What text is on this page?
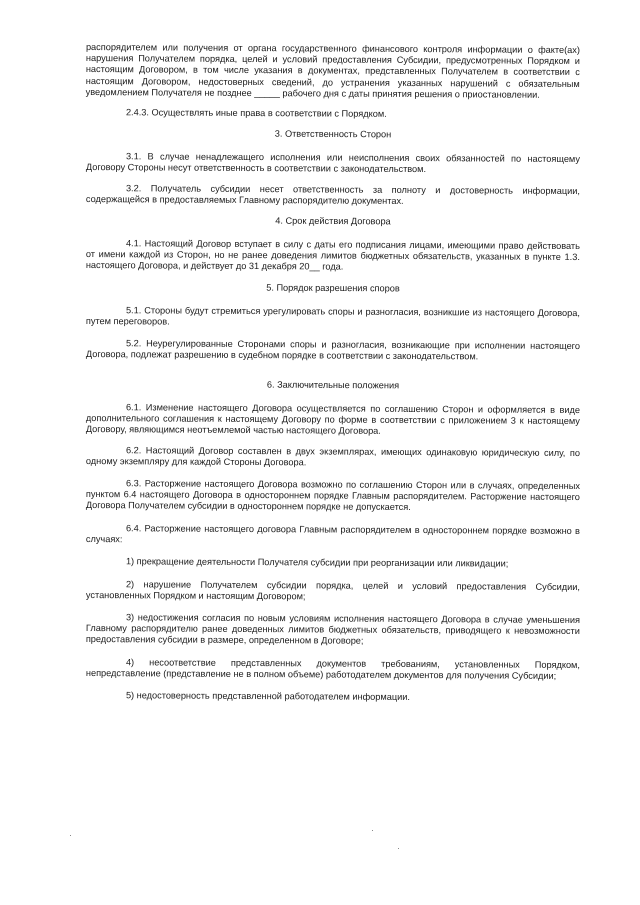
распорядителем или получения от органа государственного финансового контроля информации о факте(ах) нарушения Получателем порядка, целей и условий предоставления Субсидии, предусмотренных Порядком и настоящим Договором, в том числе указания в документах, представленных Получателем в соответствии с настоящим Договором, недостоверных сведений, до устранения указанных нарушений с обязательным уведомлением Получателя не позднее _____ рабочего дня с даты принятия решения о приостановлении.

2.4.3. Осуществлять иные права в соответствии с Порядком.

3. Ответственность Сторон

3.1. В случае ненадлежащего исполнения или неисполнения своих обязанностей по настоящему Договору Стороны несут ответственность в соответствии с законодательством.

3.2. Получатель субсидии несет ответственность за полноту и достоверность информации, содержащейся в предоставляемых Главному распорядителю документах.

4. Срок действия Договора

4.1. Настоящий Договор вступает в силу с даты его подписания лицами, имеющими право действовать от имени каждой из Сторон, но не ранее доведения лимитов бюджетных обязательств, указанных в пункте 1.3. настоящего Договора, и действует до 31 декабря 20__ года.

5. Порядок разрешения споров

5.1. Стороны будут стремиться урегулировать споры и разногласия, возникшие из настоящего Договора, путем переговоров.

5.2. Неурегулированные Сторонами споры и разногласия, возникающие при исполнении настоящего Договора, подлежат разрешению в судебном порядке в соответствии с законодательством.

6. Заключительные положения

6.1. Изменение настоящего Договора осуществляется по соглашению Сторон и оформляется в виде дополнительного соглашения к настоящему Договору по форме в соответствии с приложением 3 к настоящему Договору, являющимся неотъемлемой частью настоящего Договора.

6.2. Настоящий Договор составлен в двух экземплярах, имеющих одинаковую юридическую силу, по одному экземпляру для каждой Стороны Договора.

6.3. Расторжение настоящего Договора возможно по соглашению Сторон или в случаях, определенных пунктом 6.4 настоящего Договора в одностороннем порядке Главным распорядителем. Расторжение настоящего Договора Получателем субсидии в одностороннем порядке не допускается.

6.4. Расторжение настоящего договора Главным распорядителем в одностороннем порядке возможно в случаях:

1) прекращение деятельности Получателя субсидии при реорганизации или ликвидации;

2) нарушение Получателем субсидии порядка, целей и условий предоставления Субсидии, установленных Порядком и настоящим Договором;

3) недостижения согласия по новым условиям исполнения настоящего Договора в случае уменьшения Главному распорядителю ранее доведенных лимитов бюджетных обязательств, приводящего к невозможности предоставления субсидии в размере, определенном в Договоре;

4) несоответствие представленных документов требованиям, установленных Порядком, непредставление (представление не в полном объеме) работодателем документов для получения Субсидии;

5) недостоверность представленной работодателем информации.
